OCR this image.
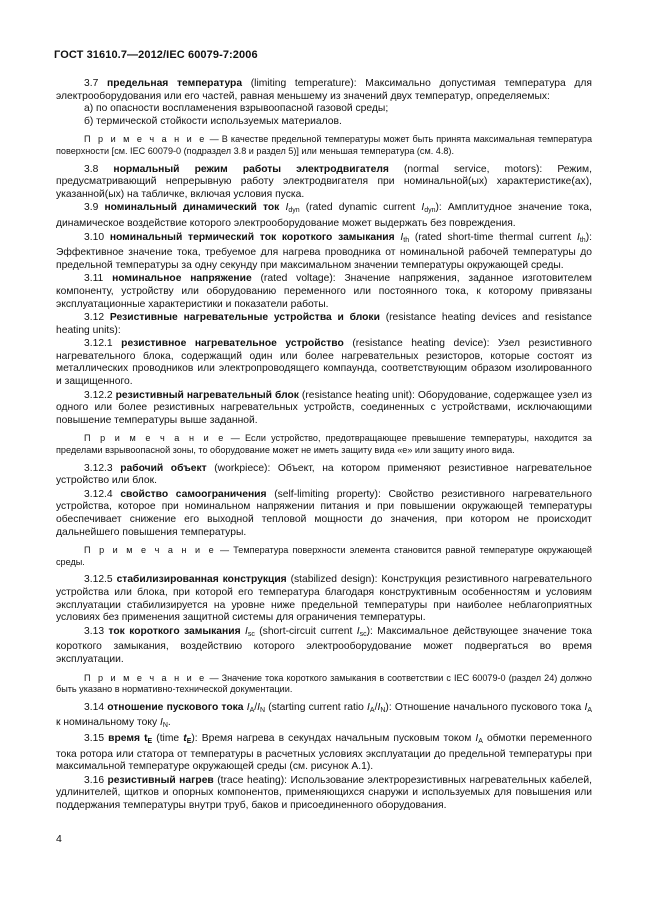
ГОСТ 31610.7—2012/IEC 60079-7:2006

3.7 предельная температура (limiting temperature): Максимально допустимая температура для электрооборудования или его частей, равная меньшему из значений двух температур, определяемых:

а) по опасности воспламенения взрывоопасной газовой среды;

б) термической стойкости используемых материалов.

П р и м е ч а н и е — В качестве предельной температуры может быть принята максимальная температура поверхности [см. IEC 60079-0 (подраздел 3.8 и раздел 5)] или меньшая температура (см. 4.8).

3.8 нормальный режим работы электродвигателя (normal service, motors): Режим, предусматривающий непрерывную работу электродвигателя при номинальной(ых) характеристике(ах), указанной(ых) на табличке, включая условия пуска.

3.9 номинальный динамический ток $I_{dyn}$ (rated dynamic current $I_{dyn}$): Амплитудное значение тока, динамическое воздействие которого электрооборудование может выдержать без повреждения.

3.10 номинальный термический ток короткого замыкания $I_{th}$ (rated short-time thermal current $I_{th}$): Эффективное значение тока, требуемое для нагрева проводника от номинальной рабочей температуры до предельной температуры за одну секунду при максимальном значении температуры окружающей среды.

3.11 номинальное напряжение (rated voltage): Значение напряжения, заданное изготовителем компоненту, устройству или оборудованию переменного или постоянного тока, к которому привязаны эксплуатационные характеристики и показатели работы.

3.12 Резистивные нагревательные устройства и блоки (resistance heating devices and resistance heating units):

3.12.1 резистивное нагревательное устройство (resistance heating device): Узел резистивного нагревательного блока, содержащий один или более нагревательных резисторов, которые состоят из металлических проводников или электропроводящего компаунда, соответствующим образом изолированного и защищенного.

3.12.2 резистивный нагревательный блок (resistance heating unit): Оборудование, содержащее узел из одного или более резистивных нагревательных устройств, соединенных с устройствами, исключающими повышение температуры выше заданной.

П р и м е ч а н и е — Если устройство, предотвращающее превышение температуры, находится за пределами взрывоопасной зоны, то оборудование может не иметь защиту вида «е» или защиту иного вида.

3.12.3 рабочий объект (workpiece): Объект, на котором применяют резистивное нагревательное устройство или блок.

3.12.4 свойство самоограничения (self-limiting property): Свойство резистивного нагревательного устройства, которое при номинальном напряжении питания и при повышении окружающей температуры обеспечивает снижение его выходной тепловой мощности до значения, при котором не происходит дальнейшего повышения температуры.

П р и м е ч а н и е — Температура поверхности элемента становится равной температуре окружающей среды.

3.12.5 стабилизированная конструкция (stabilized design): Конструкция резистивного нагревательного устройства или блока, при которой его температура благодаря конструктивным особенностям и условиям эксплуатации стабилизируется на уровне ниже предельной температуры при наиболее неблагоприятных условиях без применения защитной системы для ограничения температуры.

3.13 ток короткого замыкания $I_{sc}$ (short-circuit current $I_{sc}$): Максимальное действующее значение тока короткого замыкания, воздействию которого электрооборудование может подвергаться во время эксплуатации.

П р и м е ч а н и е — Значение тока короткого замыкания в соответствии с IEC 60079-0 (раздел 24) должно быть указано в нормативно-технической документации.

3.14 отношение пускового тока $I_A/I_N$ (starting current ratio $I_A/I_N$): Отношение начального пускового тока $I_A$ к номинальному току $I_N$.

3.15 время $t_E$ (time $t_E$): Время нагрева в секундах начальным пусковым током $I_A$ обмотки переменного тока ротора или статора от температуры в расчетных условиях эксплуатации до предельной температуры при максимальной температуре окружающей среды (см. рисунок А.1).

3.16 резистивный нагрев (trace heating): Использование электрорезистивных нагревательных кабелей, удлинителей, щитков и опорных компонентов, применяющихся снаружи и используемых для повышения или поддержания температуры внутри труб, баков и присоединенного оборудования.

4
